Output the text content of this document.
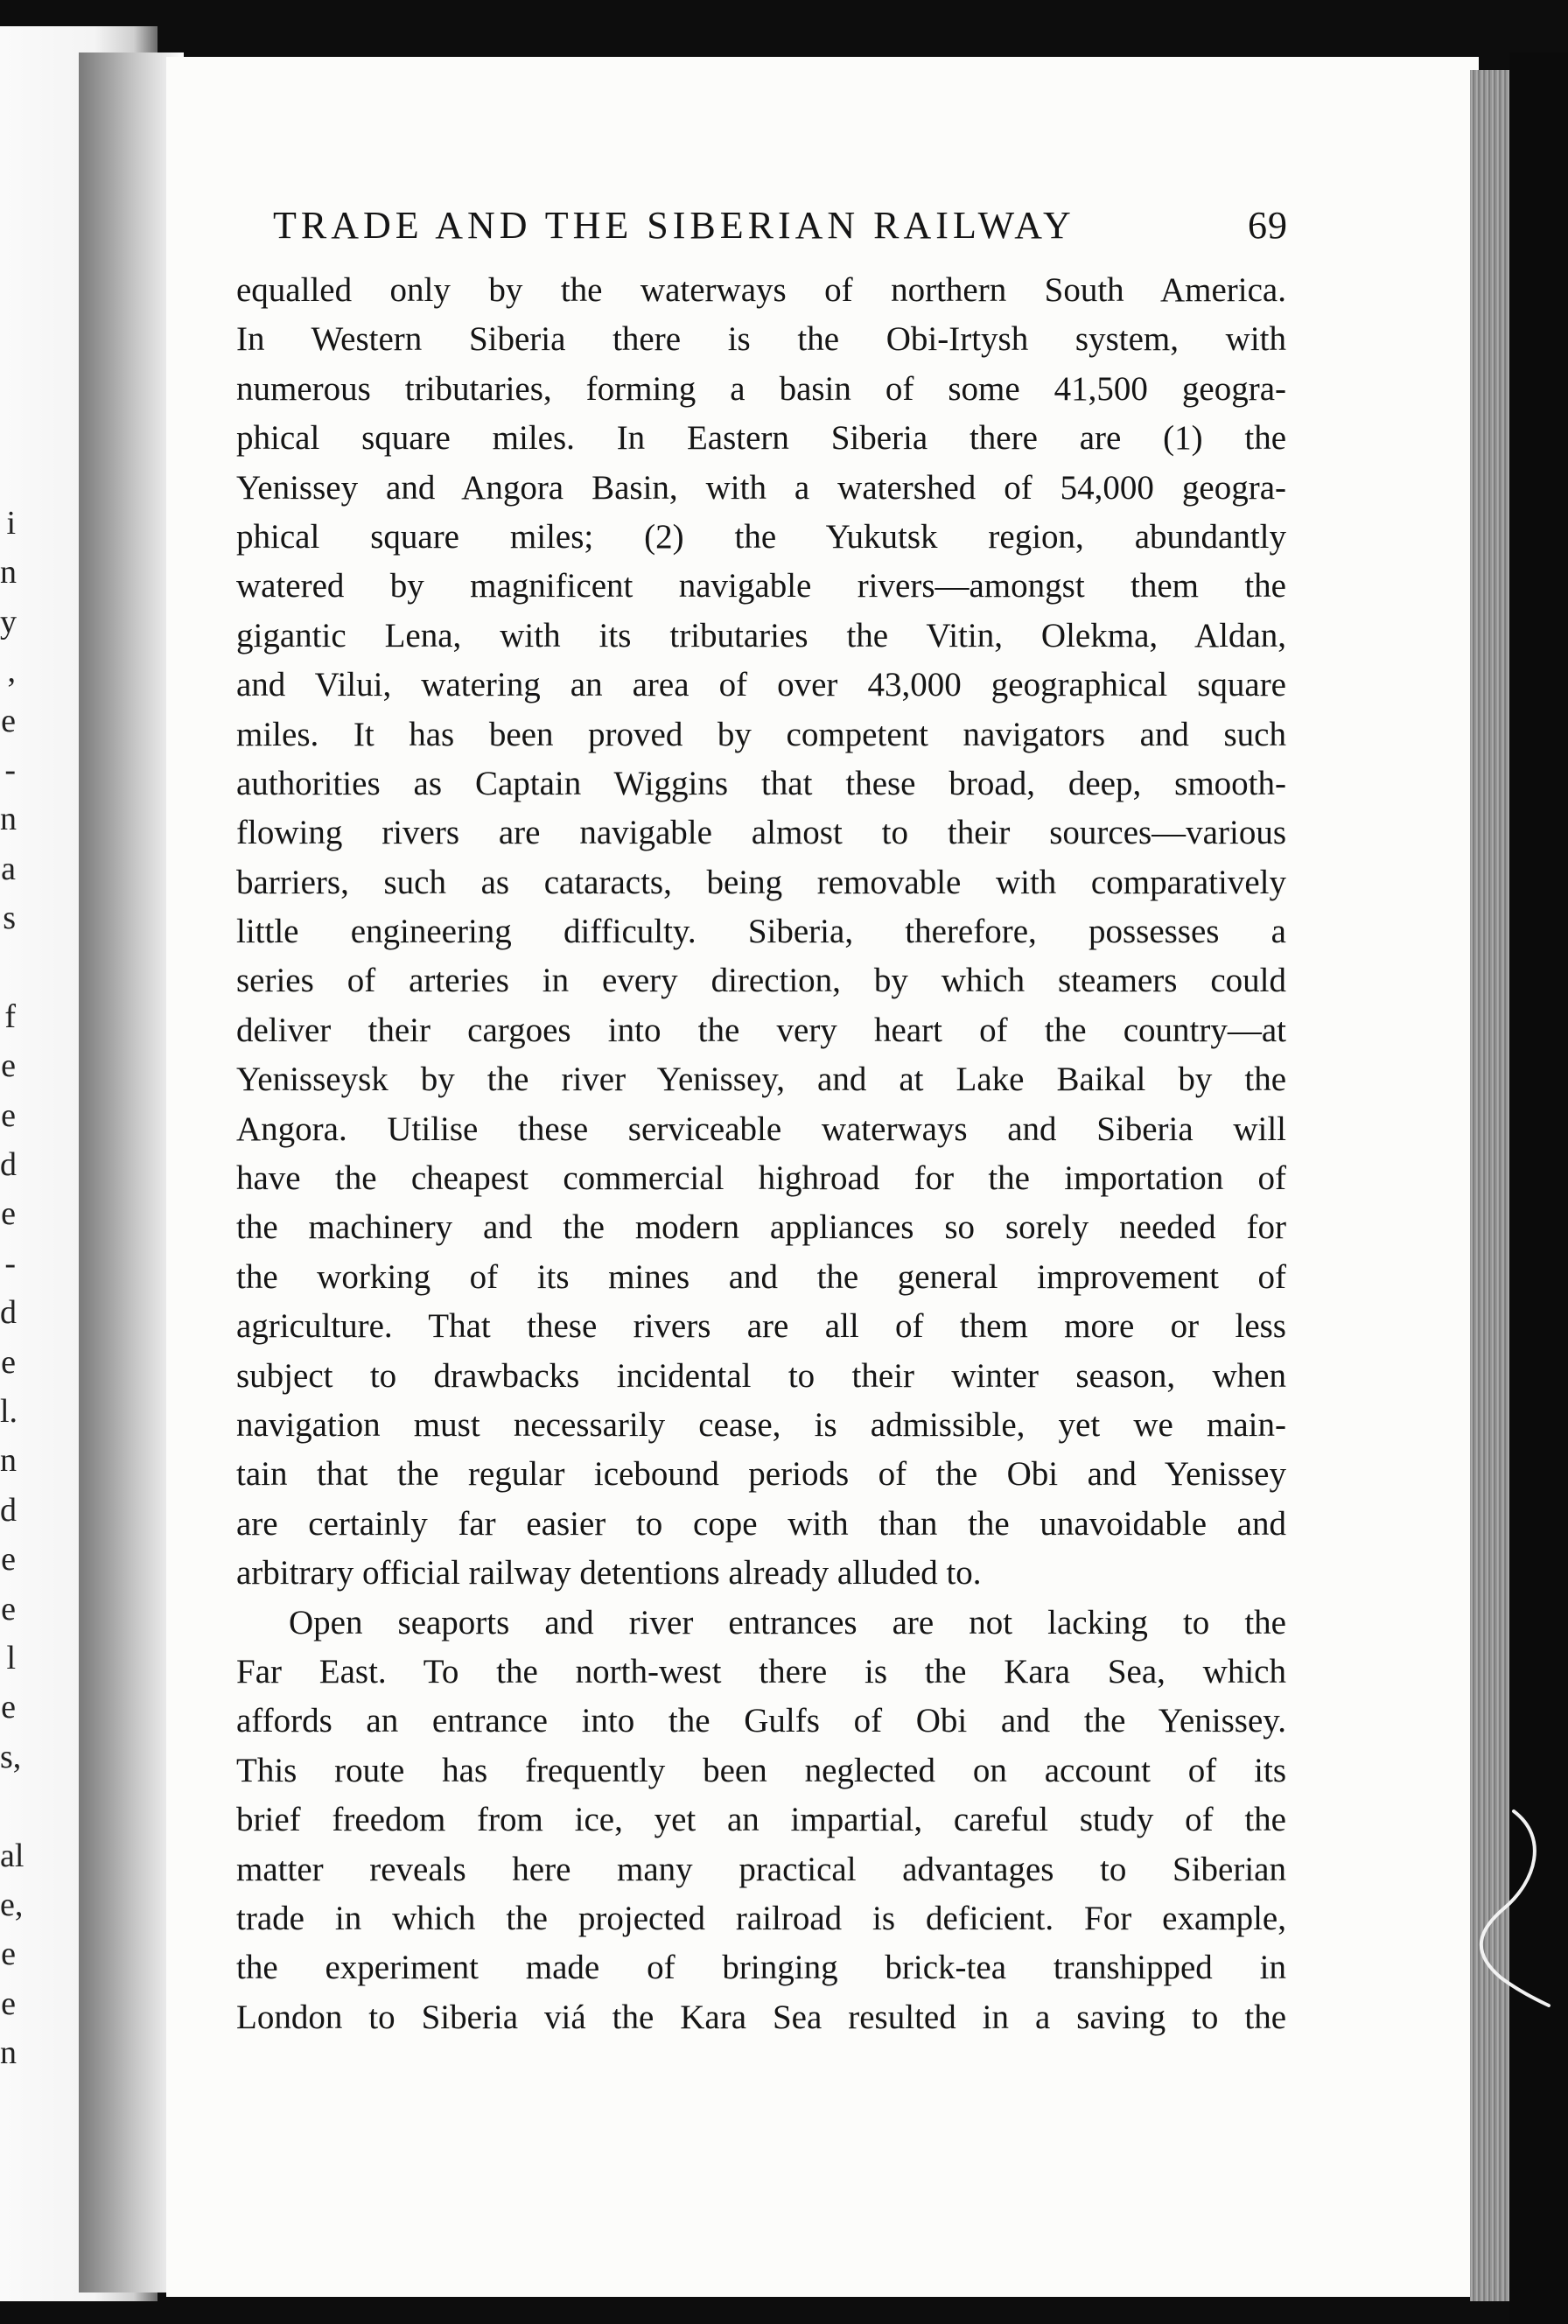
i
n
y
,
e
-
n
a
s
f
e
e
d
e
-
d
e
l.
n
d
e
e
l
e
s,
al
e,
e
e
n
TRADE AND THE SIBERIAN RAILWAY	69
equalled only by the waterways of northern South America.
In Western Siberia there is the Obi-Irtysh system, with
numerous tributaries, forming a basin of some 41,500 geogra-
phical square miles. In Eastern Siberia there are (1) the
Yenissey and Angora Basin, with a watershed of 54,000 geogra-
phical square miles; (2) the Yukutsk region, abundantly
watered by magnificent navigable rivers—amongst them the
gigantic Lena, with its tributaries the Vitin, Olekma, Aldan,
and Vilui, watering an area of over 43,000 geographical square
miles. It has been proved by competent navigators and such
authorities as Captain Wiggins that these broad, deep, smooth-
flowing rivers are navigable almost to their sources—various
barriers, such as cataracts, being removable with comparatively
little engineering difficulty. Siberia, therefore, possesses a
series of arteries in every direction, by which steamers could
deliver their cargoes into the very heart of the country—at
Yenisseysk by the river Yenissey, and at Lake Baikal by the
Angora. Utilise these serviceable waterways and Siberia will
have the cheapest commercial highroad for the importation of
the machinery and the modern appliances so sorely needed for
the working of its mines and the general improvement of
agriculture. That these rivers are all of them more or less
subject to drawbacks incidental to their winter season, when
navigation must necessarily cease, is admissible, yet we main-
tain that the regular icebound periods of the Obi and Yenissey
are certainly far easier to cope with than the unavoidable and
arbitrary official railway detentions already alluded to.
Open seaports and river entrances are not lacking to the
Far East. To the north-west there is the Kara Sea, which
affords an entrance into the Gulfs of Obi and the Yenissey.
This route has frequently been neglected on account of its
brief freedom from ice, yet an impartial, careful study of the
matter reveals here many practical advantages to Siberian
trade in which the projected railroad is deficient. For example,
the experiment made of bringing brick-tea transhipped in
London to Siberia viá the Kara Sea resulted in a saving to the
